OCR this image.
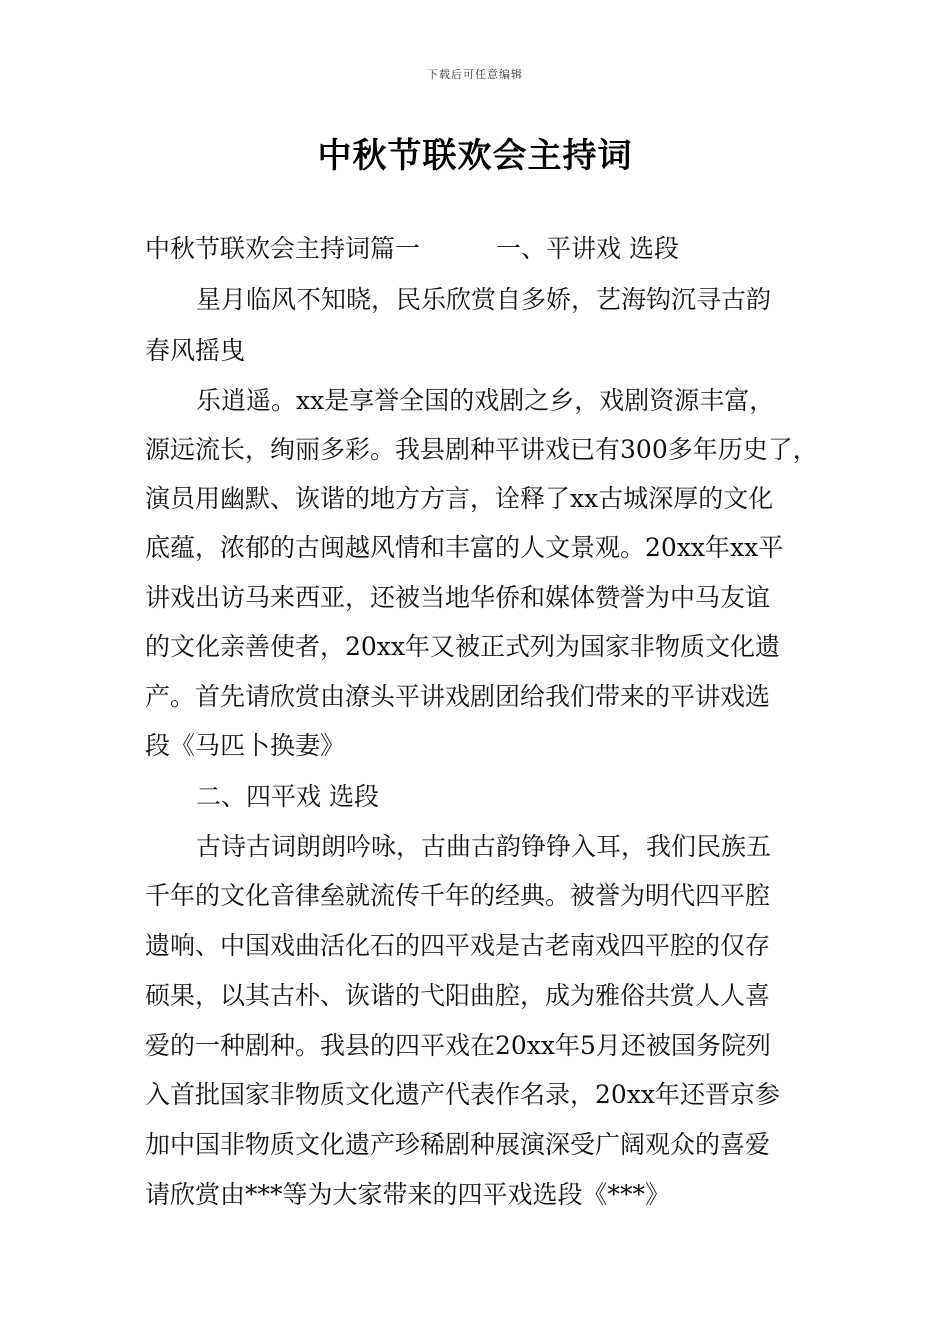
下载后可任意编辑
中秋节联欢会主持词
中秋节联欢会主持词篇一	一、平讲戏 选段
星月临风不知晓，民乐欣赏自多娇，艺海钩沉寻古韵
春风摇曳
乐逍遥。xx是享誉全国的戏剧之乡，戏剧资源丰富，
源远流长，绚丽多彩。我县剧种平讲戏已有300多年历史了，
演员用幽默、诙谐的地方方言，诠释了xx古城深厚的文化
底蕴，浓郁的古闽越风情和丰富的人文景观。20xx年xx平
讲戏出访马来西亚，还被当地华侨和媒体赞誉为中马友谊
的文化亲善使者，20xx年又被正式列为国家非物质文化遗
产。首先请欣赏由潦头平讲戏剧团给我们带来的平讲戏选
段《马匹卜换妻》
二、四平戏 选段
古诗古词朗朗吟咏，古曲古韵铮铮入耳，我们民族五
千年的文化音律垒就流传千年的经典。被誉为明代四平腔
遗响、中国戏曲活化石的四平戏是古老南戏四平腔的仅存
硕果，以其古朴、诙谐的弋阳曲腔，成为雅俗共赏人人喜
爱的一种剧种。我县的四平戏在20xx年5月还被国务院列
入首批国家非物质文化遗产代表作名录，20xx年还晋京参
加中国非物质文化遗产珍稀剧种展演深受广阔观众的喜爱
请欣赏由***等为大家带来的四平戏选段《***》
